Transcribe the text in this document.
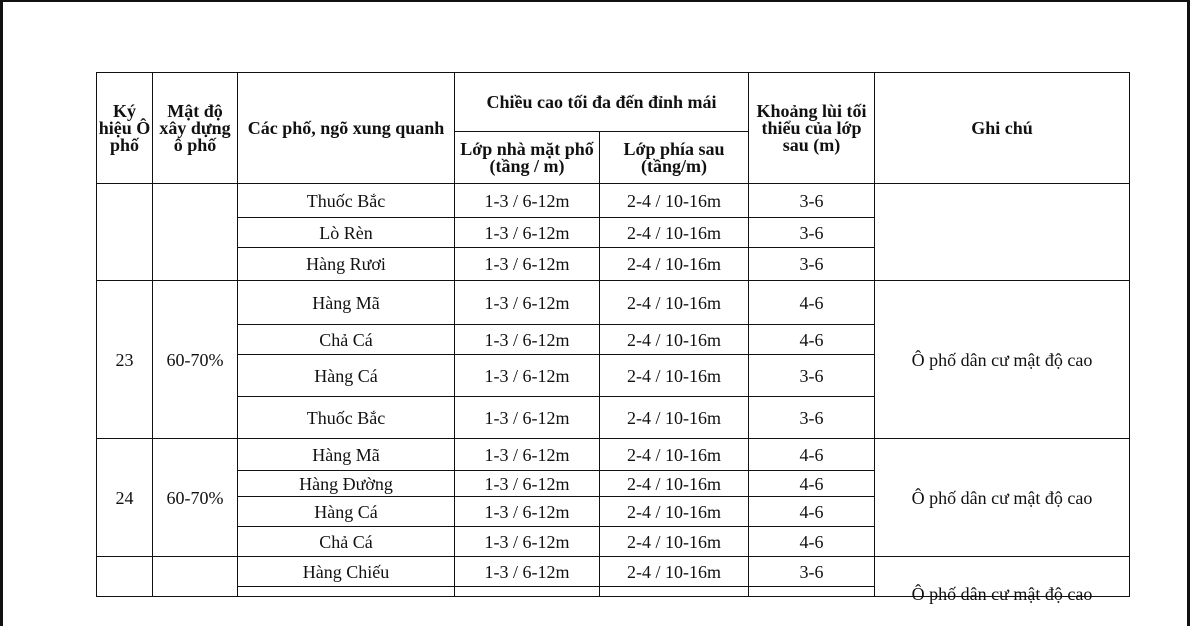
Ký hiệu Ô phố	Mật độ xây dựng ô phố	Các phố, ngõ xung quanh	Chiều cao tối đa đến đỉnh mái		Khoảng lùi tối thiểu của lớp sau (m)	Ghi chú
			Lớp nhà mặt phố (tầng / m)	Lớp phía sau (tầng/m)		
		Thuốc Bắc	1-3 / 6-12m	2-4 / 10-16m	3-6	
		Lò Rèn	1-3 / 6-12m	2-4 / 10-16m	3-6	
		Hàng Rươi	1-3 / 6-12m	2-4 / 10-16m	3-6	
23	60-70%	Hàng Mã	1-3 / 6-12m	2-4 / 10-16m	4-6	Ô phố dân cư mật độ cao
		Chả Cá	1-3 / 6-12m	2-4 / 10-16m	4-6	
		Hàng Cá	1-3 / 6-12m	2-4 / 10-16m	3-6	
		Thuốc Bắc	1-3 / 6-12m	2-4 / 10-16m	3-6	
24	60-70%	Hàng Mã	1-3 / 6-12m	2-4 / 10-16m	4-6	Ô phố dân cư mật độ cao
		Hàng Đường	1-3 / 6-12m	2-4 / 10-16m	4-6	
		Hàng Cá	1-3 / 6-12m	2-4 / 10-16m	4-6	
		Chả Cá	1-3 / 6-12m	2-4 / 10-16m	4-6	
		Hàng Chiếu	1-3 / 6-12m	2-4 / 10-16m	3-6	Ô phố dân cư mật độ cao
